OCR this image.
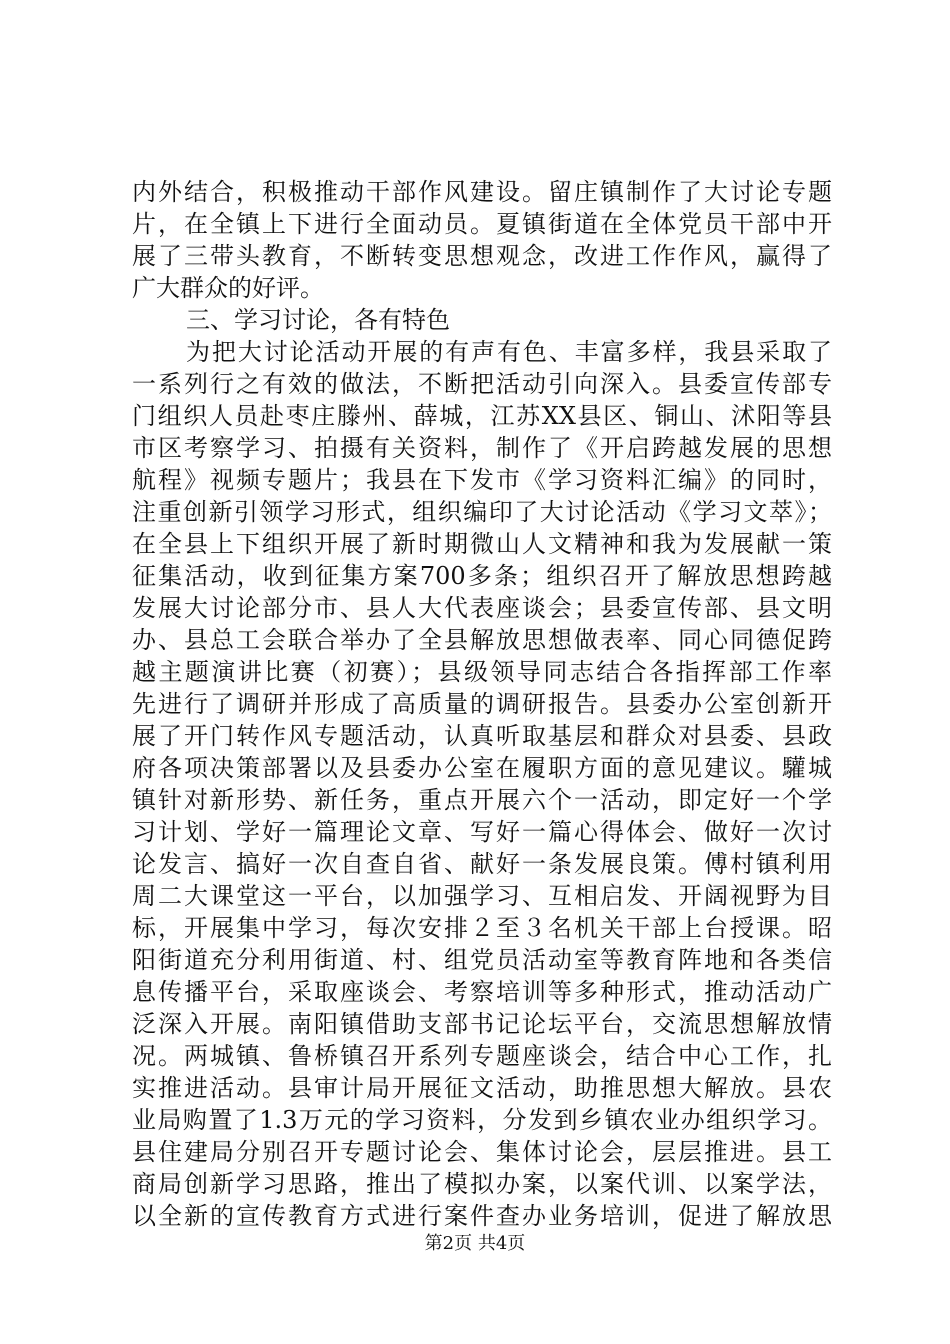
内外结合，积极推动干部作风建设。留庄镇制作了大讨论专题
片，在全镇上下进行全面动员。夏镇街道在全体党员干部中开
展了三带头教育，不断转变思想观念，改进工作作风，赢得了
广大群众的好评。
三、学习讨论，各有特色
为把大讨论活动开展的有声有色、丰富多样，我县采取了
一系列行之有效的做法，不断把活动引向深入。县委宣传部专
门组织人员赴枣庄滕州、薛城，江苏XX县区、铜山、沭阳等县
市区考察学习、拍摄有关资料，制作了《开启跨越发展的思想
航程》视频专题片；我县在下发市《学习资料汇编》的同时，
注重创新引领学习形式，组织编印了大讨论活动《学习文萃》；
在全县上下组织开展了新时期微山人文精神和我为发展献一策
征集活动，收到征集方案700多条；组织召开了解放思想跨越
发展大讨论部分市、县人大代表座谈会；县委宣传部、县文明
办、县总工会联合举办了全县解放思想做表率、同心同德促跨
越主题演讲比赛（初赛）；县级领导同志结合各指挥部工作率
先进行了调研并形成了高质量的调研报告。县委办公室创新开
展了开门转作风专题活动，认真听取基层和群众对县委、县政
府各项决策部署以及县委办公室在履职方面的意见建议。驩城
镇针对新形势、新任务，重点开展六个一活动，即定好一个学
习计划、学好一篇理论文章、写好一篇心得体会、做好一次讨
论发言、搞好一次自查自省、献好一条发展良策。傅村镇利用
周二大课堂这一平台，以加强学习、互相启发、开阔视野为目
标，开展集中学习，每次安排２至３名机关干部上台授课。昭
阳街道充分利用街道、村、组党员活动室等教育阵地和各类信
息传播平台，采取座谈会、考察培训等多种形式，推动活动广
泛深入开展。南阳镇借助支部书记论坛平台，交流思想解放情
况。两城镇、鲁桥镇召开系列专题座谈会，结合中心工作，扎
实推进活动。县审计局开展征文活动，助推思想大解放。县农
业局购置了1.3万元的学习资料，分发到乡镇农业办组织学习。
县住建局分别召开专题讨论会、集体讨论会，层层推进。县工
商局创新学习思路，推出了模拟办案，以案代训、以案学法，
以全新的宣传教育方式进行案件查办业务培训，促进了解放思
第2页 共4页
